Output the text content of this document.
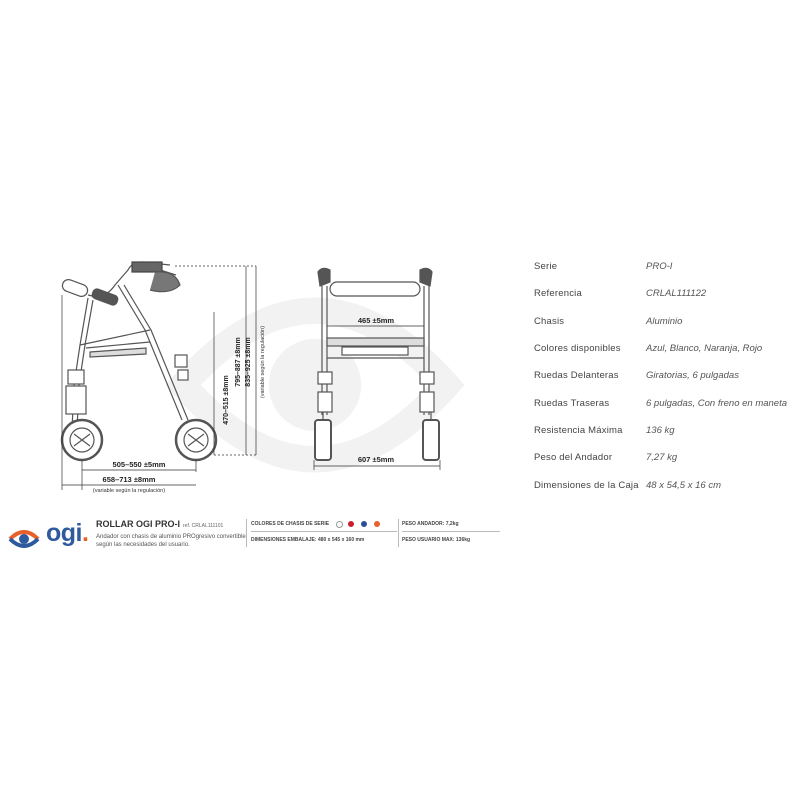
505–550 ±5mm
658–713 ±8mm
(variable según la regulación)
470–515 ±8mm
795–887 ±8mm 835–925 ±8mm (variable según la regulación)
465 ±5mm
607 ±5mm
Serie	PRO-I
Referencia	CRLAL111122
Chasis	Aluminio
Colores disponibles	Azul, Blanco, Naranja, Rojo
Ruedas Delanteras	Giratorias, 6 pulgadas
Ruedas Traseras	6 pulgadas, Con freno en maneta
Resistencia Máxima	136 kg
Peso del Andador	7,27 kg
Dimensiones de la Caja 48 x 54,5 x 16 cm
ogi. ROLLAR OGI PRO-I ref. CRLAL111101
Andador con chasis de aluminio PROgresivo convertible según las necesidades del usuario.
COLORES DE CHASIS DE SERIE
DIMENSIONES EMBALAJE: 480 x 545 x 160 mm
PESO ANDADOR: 7,2kg
PESO USUARIO MAX: 136kg
